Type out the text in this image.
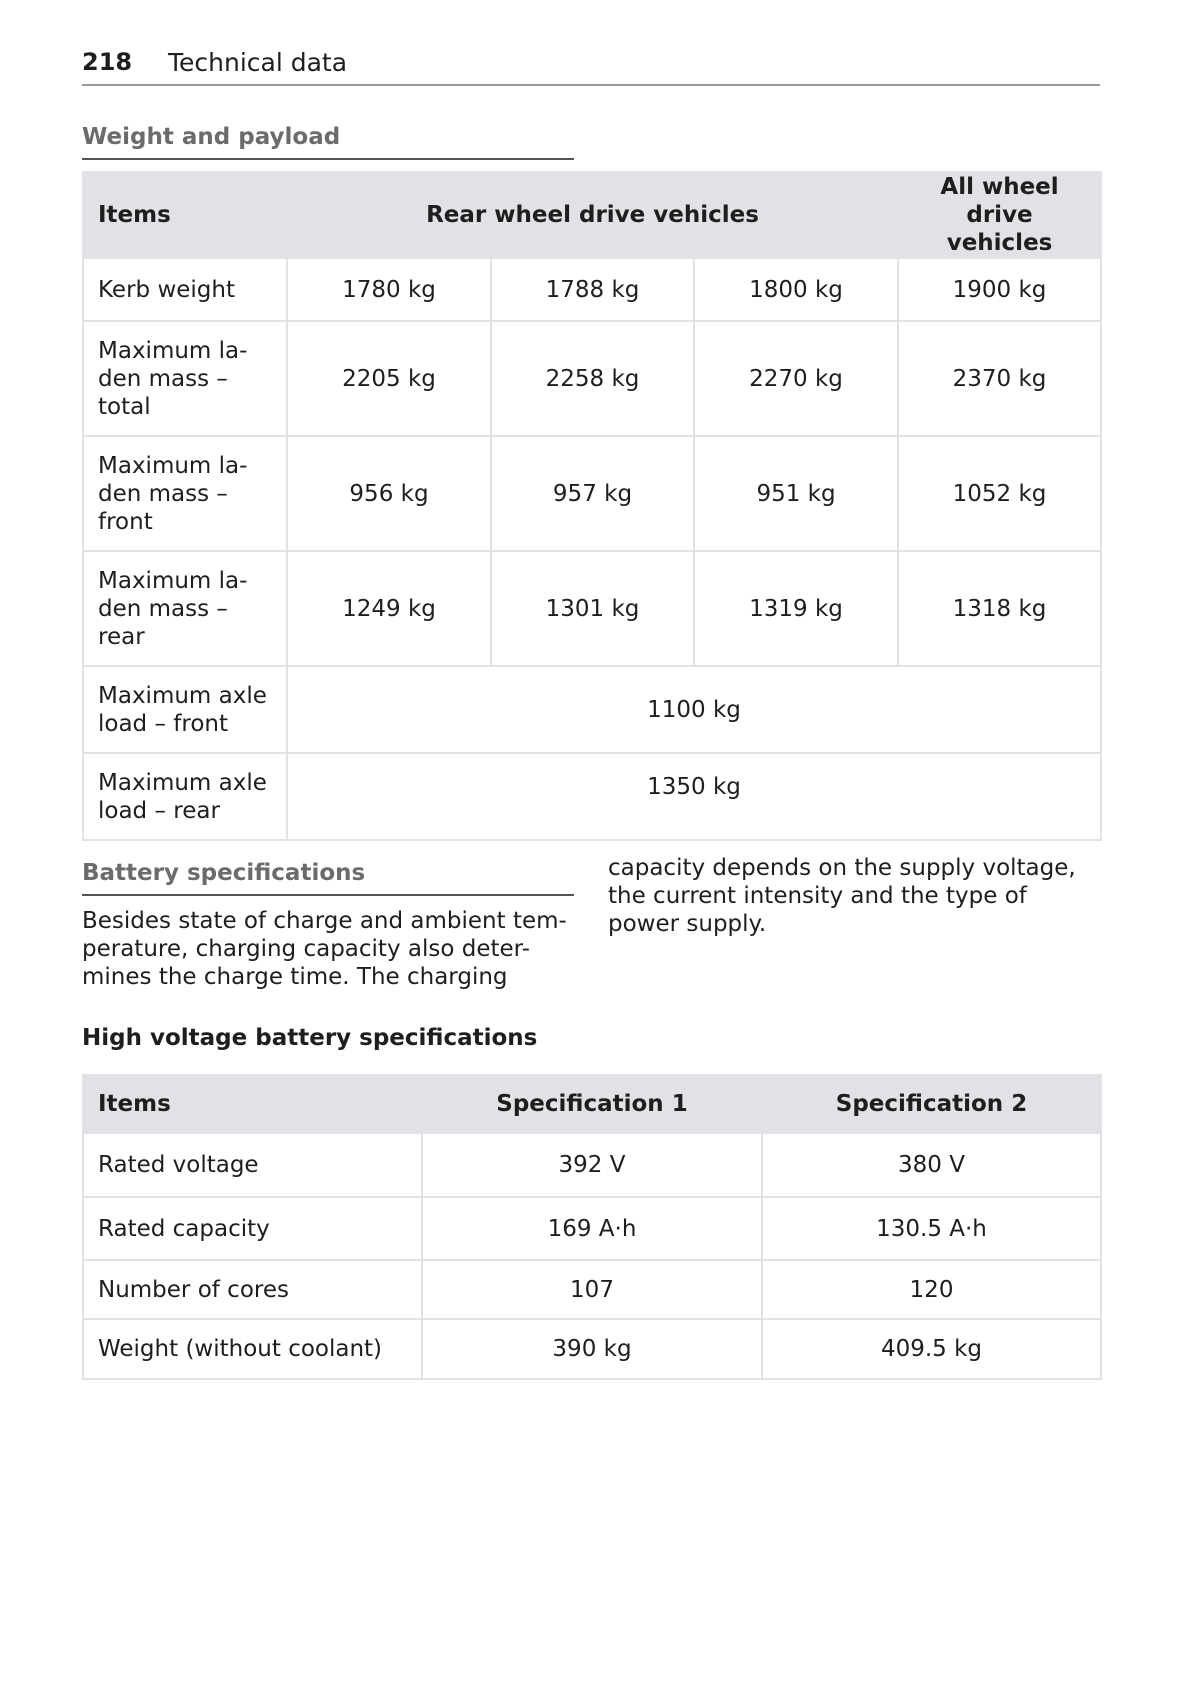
218 Technical data
Weight and payload
Items	Rear wheel drive vehicles			All wheel drive vehicles
Kerb weight	1780 kg	1788 kg	1800 kg	1900 kg
Maximum la-
den mass –
total	2205 kg	2258 kg	2270 kg	2370 kg
Maximum la-
den mass –
front	956 kg	957 kg	951 kg	1052 kg
Maximum la-
den mass –
rear	1249 kg	1301 kg	1319 kg	1318 kg
Maximum axle
load – front	1100 kg			
Maximum axle
load – rear	1350 kg			
Battery specifications
Besides state of charge and ambient tem-
perature, charging capacity also deter-
mines the charge time. The charging
capacity depends on the supply voltage,
the current intensity and the type of
power supply.
High voltage battery specifications
Items	Specification 1	Specification 2
Rated voltage	392 V	380 V
Rated capacity	169 A·h	130.5 A·h
Number of cores	107	120
Weight (without coolant)	390 kg	409.5 kg
